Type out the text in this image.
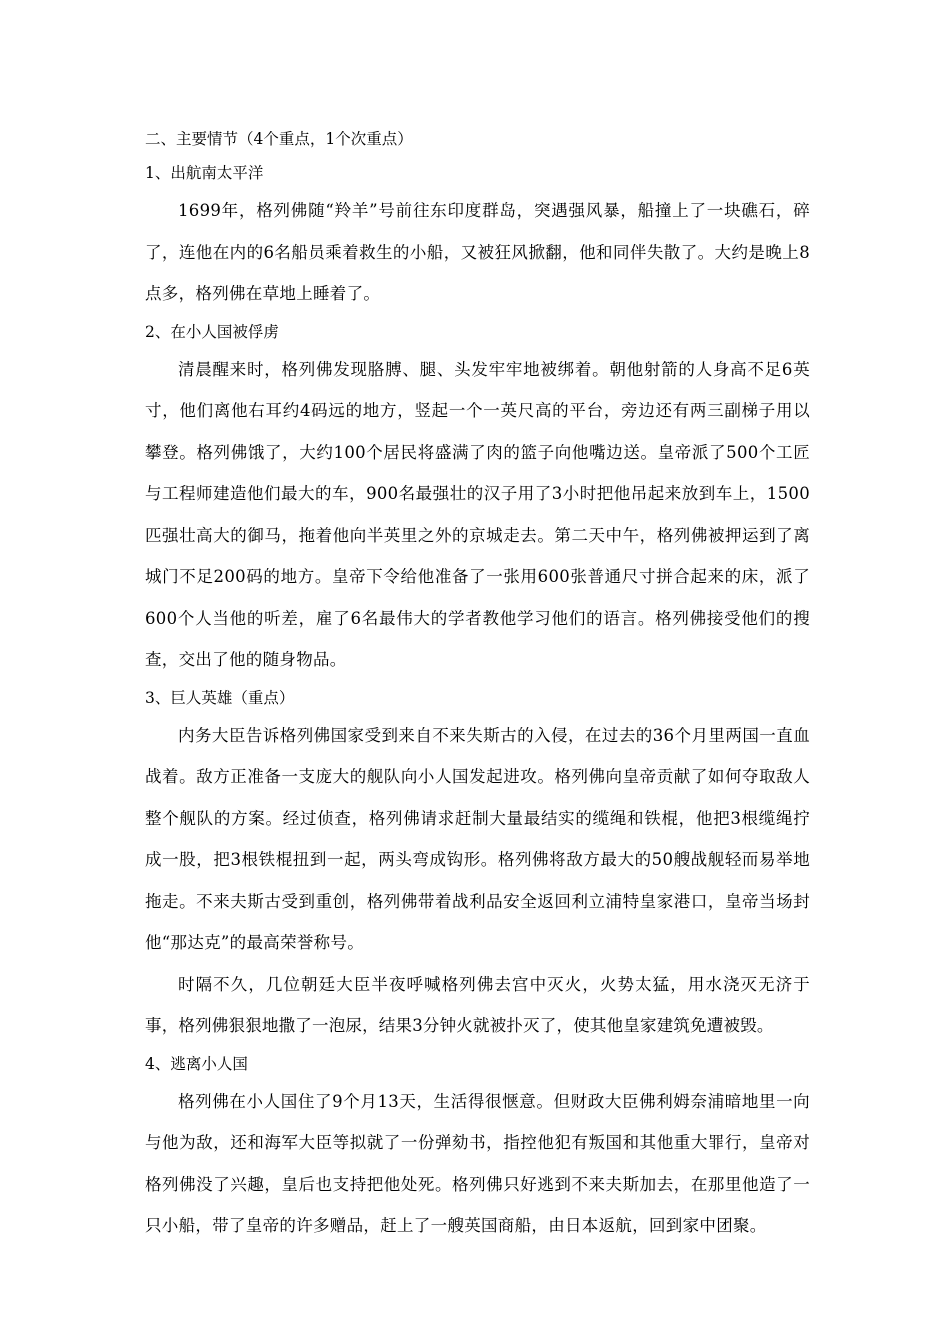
二、主要情节（4个重点，1个次重点）

1、出航南太平洋

1699年，格列佛随“羚羊”号前往东印度群岛，突遇强风暴，船撞上了一块礁石，碎了，连他在内的6名船员乘着救生的小船，又被狂风掀翻，他和同伴失散了。大约是晚上8点多，格列佛在草地上睡着了。

2、在小人国被俘虏

清晨醒来时，格列佛发现胳膊、腿、头发牢牢地被绑着。朝他射箭的人身高不足6英寸，他们离他右耳约4码远的地方，竖起一个一英尺高的平台，旁边还有两三副梯子用以攀登。格列佛饿了，大约100个居民将盛满了肉的篮子向他嘴边送。皇帝派了500个工匠与工程师建造他们最大的车，900名最强壮的汉子用了3小时把他吊起来放到车上，1500匹强壮高大的御马，拖着他向半英里之外的京城走去。第二天中午，格列佛被押运到了离城门不足200码的地方。皇帝下令给他准备了一张用600张普通尺寸拼合起来的床，派了600个人当他的听差，雇了6名最伟大的学者教他学习他们的语言。格列佛接受他们的搜查，交出了他的随身物品。

3、巨人英雄（重点）

内务大臣告诉格列佛国家受到来自不来失斯古的入侵，在过去的36个月里两国一直血战着。敌方正准备一支庞大的舰队向小人国发起进攻。格列佛向皇帝贡献了如何夺取敌人整个舰队的方案。经过侦查，格列佛请求赶制大量最结实的缆绳和铁棍，他把3根缆绳拧成一股，把3根铁棍扭到一起，两头弯成钩形。格列佛将敌方最大的50艘战舰轻而易举地拖走。不来夫斯古受到重创，格列佛带着战利品安全返回利立浦特皇家港口，皇帝当场封他“那达克”的最高荣誉称号。

时隔不久，几位朝廷大臣半夜呼喊格列佛去宫中灭火，火势太猛，用水浇灭无济于事，格列佛狠狠地撒了一泡尿，结果3分钟火就被扑灭了，使其他皇家建筑免遭被毁。

4、逃离小人国

格列佛在小人国住了9个月13天，生活得很惬意。但财政大臣佛利姆奈浦暗地里一向与他为敌，还和海军大臣等拟就了一份弹劾书，指控他犯有叛国和其他重大罪行，皇帝对格列佛没了兴趣，皇后也支持把他处死。格列佛只好逃到不来夫斯加去，在那里他造了一只小船，带了皇帝的许多赠品，赶上了一艘英国商船，由日本返航，回到家中团聚。
